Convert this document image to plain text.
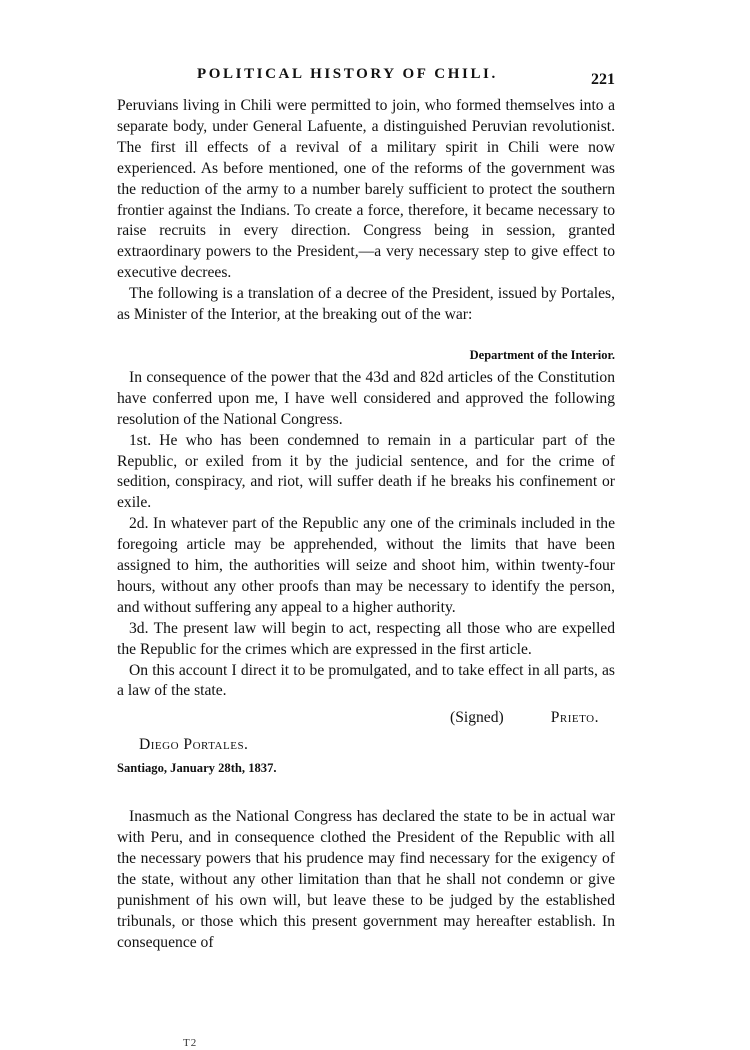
POLITICAL HISTORY OF CHILI.	221

Peruvians living in Chili were permitted to join, who formed themselves into a separate body, under General Lafuente, a distinguished Peruvian revolutionist. The first ill effects of a revival of a military spirit in Chili were now experienced. As before mentioned, one of the reforms of the government was the reduction of the army to a number barely sufficient to protect the southern frontier against the Indians. To create a force, therefore, it became necessary to raise recruits in every direction. Congress being in session, granted extraordinary powers to the President,—a very necessary step to give effect to executive decrees.

The following is a translation of a decree of the President, issued by Portales, as Minister of the Interior, at the breaking out of the war:

Department of the Interior.

In consequence of the power that the 43d and 82d articles of the Constitution have conferred upon me, I have well considered and approved the following resolution of the National Congress.

1st. He who has been condemned to remain in a particular part of the Republic, or exiled from it by the judicial sentence, and for the crime of sedition, conspiracy, and riot, will suffer death if he breaks his confinement or exile.

2d. In whatever part of the Republic any one of the criminals included in the foregoing article may be apprehended, without the limits that have been assigned to him, the authorities will seize and shoot him, within twenty-four hours, without any other proofs than may be necessary to identify the person, and without suffering any appeal to a higher authority.

3d. The present law will begin to act, respecting all those who are expelled the Republic for the crimes which are expressed in the first article.

On this account I direct it to be promulgated, and to take effect in all parts, as a law of the state.

(Signed)	Prieto.

Diego Portales.

Santiago, January 28th, 1837.

Inasmuch as the National Congress has declared the state to be in actual war with Peru, and in consequence clothed the President of the Republic with all the necessary powers that his prudence may find necessary for the exigency of the state, without any other limitation than that he shall not condemn or give punishment of his own will, but leave these to be judged by the established tribunals, or those which this present government may hereafter establish. In consequence of

T2
